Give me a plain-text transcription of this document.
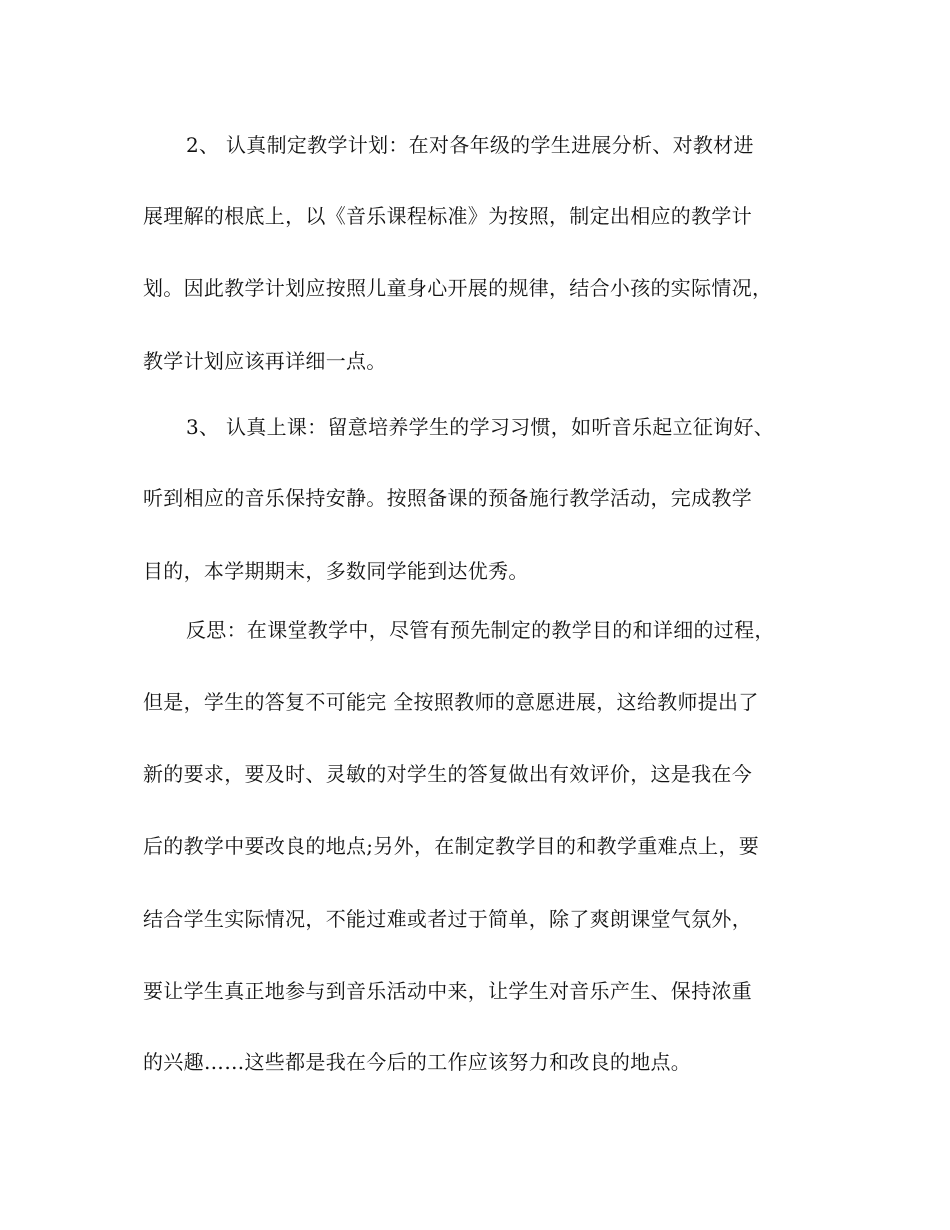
2、 认真制定教学计划：在对各年级的学生进展分析、对教材进
展理解的根底上，以《音乐课程标准》为按照，制定出相应的教学计
划。因此教学计划应按照儿童身心开展的规律，结合小孩的实际情况，
教学计划应该再详细一点。
3、 认真上课：留意培养学生的学习习惯，如听音乐起立征询好、
听到相应的音乐保持安静。按照备课的预备施行教学活动，完成教学
目的，本学期期末，多数同学能到达优秀。
反思：在课堂教学中，尽管有预先制定的教学目的和详细的过程，
但是，学生的答复不可能完 全按照教师的意愿进展，这给教师提出了
新的要求，要及时、灵敏的对学生的答复做出有效评价，这是我在今
后的教学中要改良的地点;另外，在制定教学目的和教学重难点上，要
结合学生实际情况，不能过难或者过于简单，除了爽朗课堂气氛外，
要让学生真正地参与到音乐活动中来，让学生对音乐产生、保持浓重
的兴趣……这些都是我在今后的工作应该努力和改良的地点。
